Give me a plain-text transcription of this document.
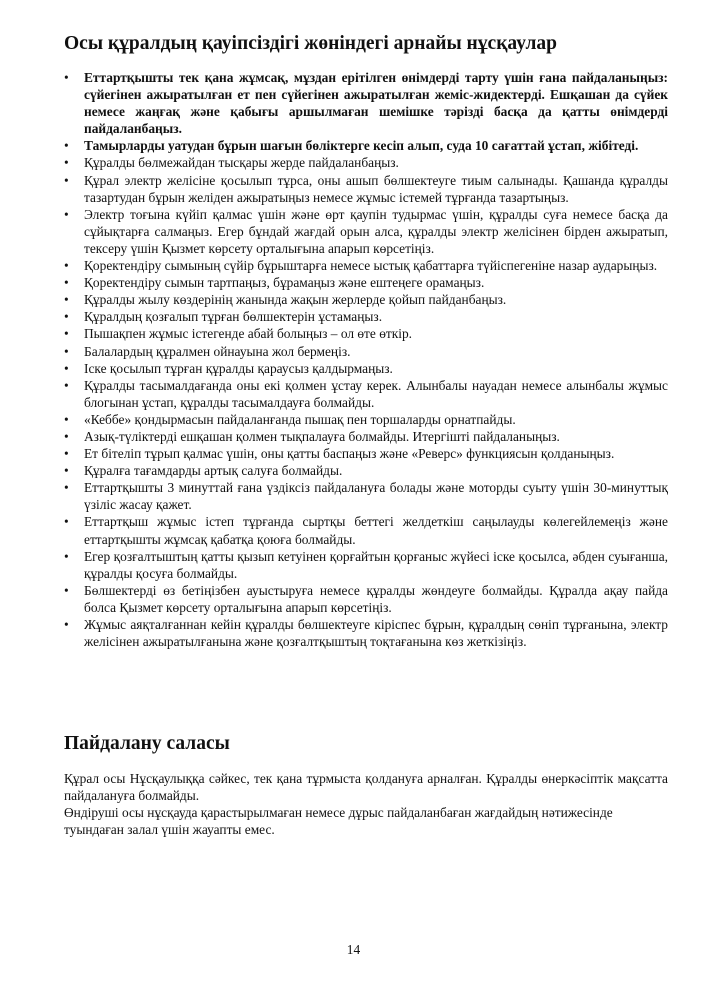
Осы құралдың қауіпсіздігі жөніндегі арнайы нұсқаулар
• Еттартқышты тек қана жұмсақ, мұздан ерітілген өнімдерді тарту үшін ғана пайдаланыңыз: сүйегінен ажыратылған ет пен сүйегінен ажыратылған жеміс-жидектерді. Ешқашан да сүйек немесе жаңғақ және қабығы аршылмаған шемішке тәрізді басқа да қатты өнімдерді пайдаланбаңыз.
• Тамырларды уатудан бұрын шағын бөліктерге кесіп алып, суда 10 сағаттай ұстап, жібітеді.
• Құралды бөлмежайдан тысқары жерде пайдаланбаңыз.
• Құрал электр желісіне қосылып тұрса, оны ашып бөлшектеуге тиым салынады. Қашанда құралды тазартудан бұрын желіден ажыратыңыз немесе жұмыс істемей тұрғанда тазартыңыз.
• Электр тоғына күйіп қалмас үшін және өрт қаупін тудырмас үшін, құралды суға немесе басқа да сұйықтарға салмаңыз. Егер бұндай жағдай орын алса, құралды электр желісінен бірден ажыратып, тексеру үшін Қызмет көрсету орталығына апарып көрсетіңіз.
• Қоректендіру сымының сүйір бұрыштарға немесе ыстық қабаттарға түйіспегеніне назар аударыңыз.
• Қоректендіру сымын тартпаңыз, бұрамаңыз және ештеңеге орамаңыз.
• Құралды жылу көздерінің жанында жақын жерлерде қойып пайданбаңыз.
• Құралдың қозғалып тұрған бөлшектерін ұстамаңыз.
• Пышақпен жұмыс істегенде абай болыңыз – ол өте өткір.
• Балалардың құралмен ойнауына жол бермеңіз.
• Іске қосылып тұрған құралды қараусыз қалдырмаңыз.
• Құралды тасымалдағанда оны екі қолмен ұстау керек. Алынбалы науадан немесе алынбалы жұмыс блогынан ұстап, құралды тасымалдауға болмайды.
• «Кеббе» қондырмасын пайдаланғанда пышақ пен торшаларды орнатпайды.
• Азық-түліктерді ешқашан қолмен тықпалауға болмайды. Итергішті пайдаланыңыз.
• Ет бітеліп тұрып қалмас үшін, оны қатты баспаңыз және «Реверс» функциясын қолданыңыз.
• Құралға тағамдарды артық салуға болмайды.
• Еттартқышты 3 минуттай ғана үздіксіз пайдалануға болады және моторды суыту үшін 30-минуттық үзіліс жасау қажет.
• Еттартқыш жұмыс істеп тұрғанда сыртқы беттегі желдеткіш саңылауды көлегейлемеңіз және еттартқышты жұмсақ қабатқа қоюға болмайды.
• Егер қозғалтыштың қатты қызып кетуінен қорғайтын қорғаныс жүйесі іске қосылса, әбден суығанша, құралды қосуға болмайды.
• Бөлшектерді өз бетіңізбен ауыстыруға немесе құралды жөндеуге болмайды. Құралда ақау пайда болса Қызмет көрсету орталығына апарып көрсетіңіз.
• Жұмыс аяқталғаннан кейін құралды бөлшектеуге кіріспес бұрын, құралдың сөніп тұрғанына, электр желісінен ажыратылғанына және қозғалтқыштың тоқтағанына көз жеткізіңіз.
Пайдалану саласы

Құрал осы Нұсқаулыққа сәйкес, тек қана тұрмыста қолдануға арналған. Құралды өнеркәсіптік мақсатта пайдалануға болмайды.

Өндіруші осы нұсқауда қарастырылмаған немесе дұрыс пайдаланбаған жағдайдың нәтижесінде туындаған залал үшін жауапты емес.

14
